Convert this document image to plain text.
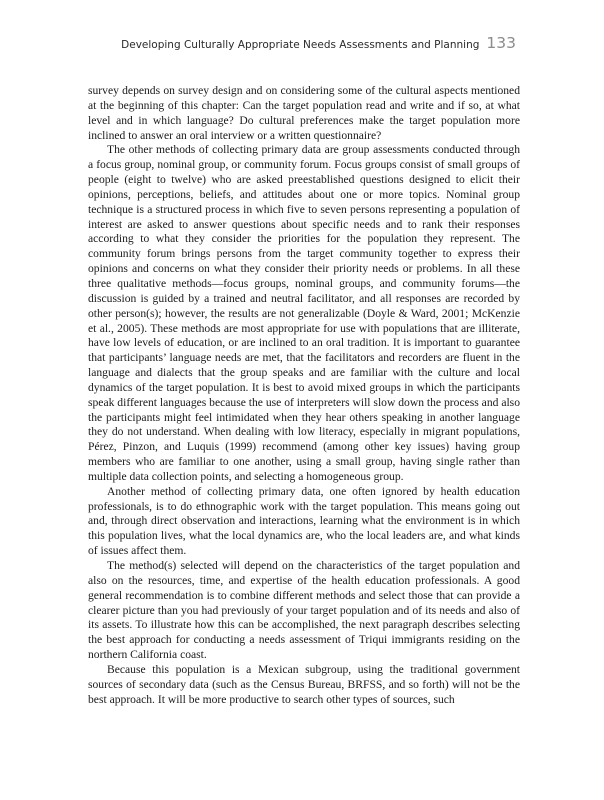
Developing Culturally Appropriate Needs Assessments and Planning 133

survey depends on survey design and on considering some of the cultural aspects mentioned at the beginning of this chapter: Can the target population read and write and if so, at what level and in which language? Do cultural preferences make the target population more inclined to answer an oral interview or a written questionnaire?

The other methods of collecting primary data are group assessments conducted through a focus group, nominal group, or community forum. Focus groups consist of small groups of people (eight to twelve) who are asked preestablished questions designed to elicit their opinions, perceptions, beliefs, and attitudes about one or more topics. Nominal group technique is a structured process in which five to seven persons representing a population of interest are asked to answer questions about specific needs and to rank their responses according to what they consider the priorities for the population they represent. The community forum brings persons from the target community together to express their opinions and concerns on what they consider their priority needs or problems. In all these three qualitative methods—focus groups, nominal groups, and community forums—the discussion is guided by a trained and neutral facilitator, and all responses are recorded by other person(s); however, the results are not generalizable (Doyle & Ward, 2001; McKenzie et al., 2005). These methods are most appropriate for use with populations that are illiterate, have low levels of education, or are inclined to an oral tradition. It is important to guarantee that participants’ language needs are met, that the facilitators and recorders are fluent in the language and dialects that the group speaks and are familiar with the culture and local dynamics of the target population. It is best to avoid mixed groups in which the participants speak different languages because the use of interpreters will slow down the process and also the participants might feel intimidated when they hear others speaking in another language they do not understand. When dealing with low literacy, especially in migrant populations, Pérez, Pinzon, and Luquis (1999) recommend (among other key issues) having group members who are familiar to one another, using a small group, having single rather than multiple data collection points, and selecting a homogeneous group.

Another method of collecting primary data, one often ignored by health education professionals, is to do ethnographic work with the target population. This means going out and, through direct observation and interactions, learning what the environment is in which this population lives, what the local dynamics are, who the local leaders are, and what kinds of issues affect them.

The method(s) selected will depend on the characteristics of the target population and also on the resources, time, and expertise of the health education professionals. A good general recommendation is to combine different methods and select those that can provide a clearer picture than you had previously of your target population and of its needs and also of its assets. To illustrate how this can be accomplished, the next paragraph describes selecting the best approach for conducting a needs assessment of Triqui immigrants residing on the northern California coast.

Because this population is a Mexican subgroup, using the traditional government sources of secondary data (such as the Census Bureau, BRFSS, and so forth) will not be the best approach. It will be more productive to search other types of sources, such
